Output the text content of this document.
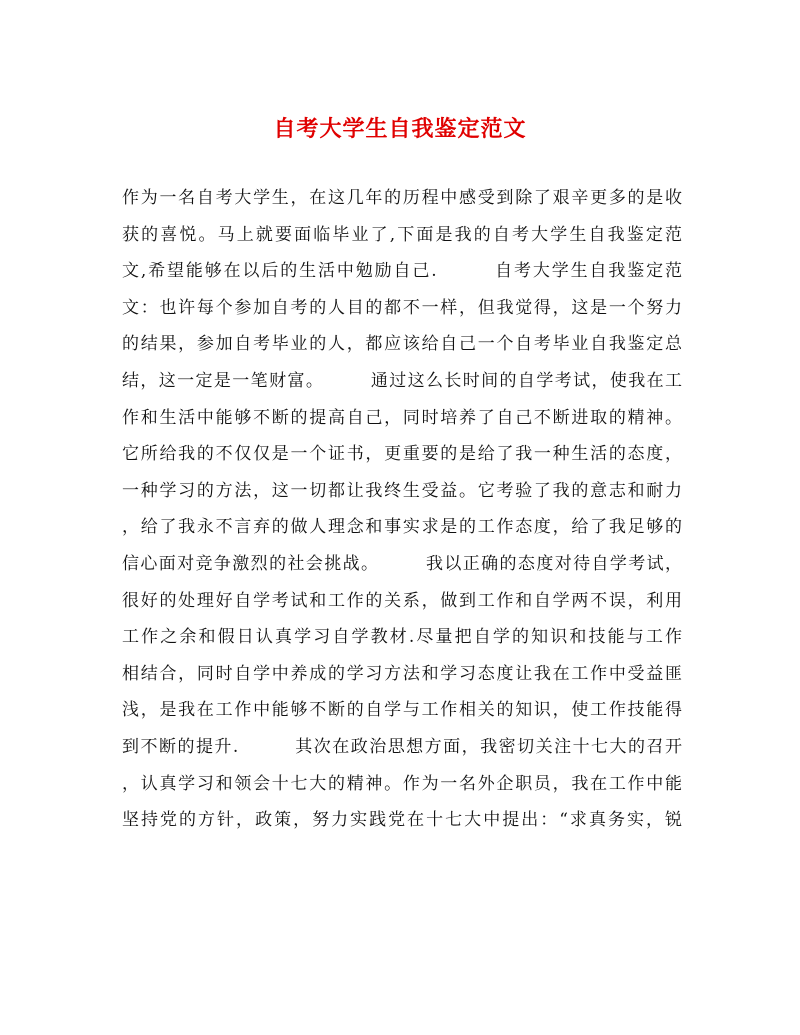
自考大学生自我鉴定范文
作为一名自考大学生，在这几年的历程中感受到除了艰辛更多的是收
获的喜悦。马上就要面临毕业了,下面是我的自考大学生自我鉴定范
文,希望能够在以后的生活中勉励自己.　　　自考大学生自我鉴定范
文：也许每个参加自考的人目的都不一样，但我觉得，这是一个努力
的结果，参加自考毕业的人，都应该给自己一个自考毕业自我鉴定总
结，这一定是一笔财富。　　　通过这么长时间的自学考试，使我在工
作和生活中能够不断的提高自己，同时培养了自己不断进取的精神。
它所给我的不仅仅是一个证书，更重要的是给了我一种生活的态度，
一种学习的方法，这一切都让我终生受益。它考验了我的意志和耐力
，给了我永不言弃的做人理念和事实求是的工作态度，给了我足够的
信心面对竞争激烈的社会挑战。　　　我以正确的态度对待自学考试，
很好的处理好自学考试和工作的关系，做到工作和自学两不误，利用
工作之余和假日认真学习自学教材.尽量把自学的知识和技能与工作
相结合，同时自学中养成的学习方法和学习态度让我在工作中受益匪
浅，是我在工作中能够不断的自学与工作相关的知识，使工作技能得
到不断的提升.　　　其次在政治思想方面，我密切关注十七大的召开
，认真学习和领会十七大的精神。作为一名外企职员，我在工作中能
坚持党的方针，政策，努力实践党在十七大中提出：“求真务实，锐
